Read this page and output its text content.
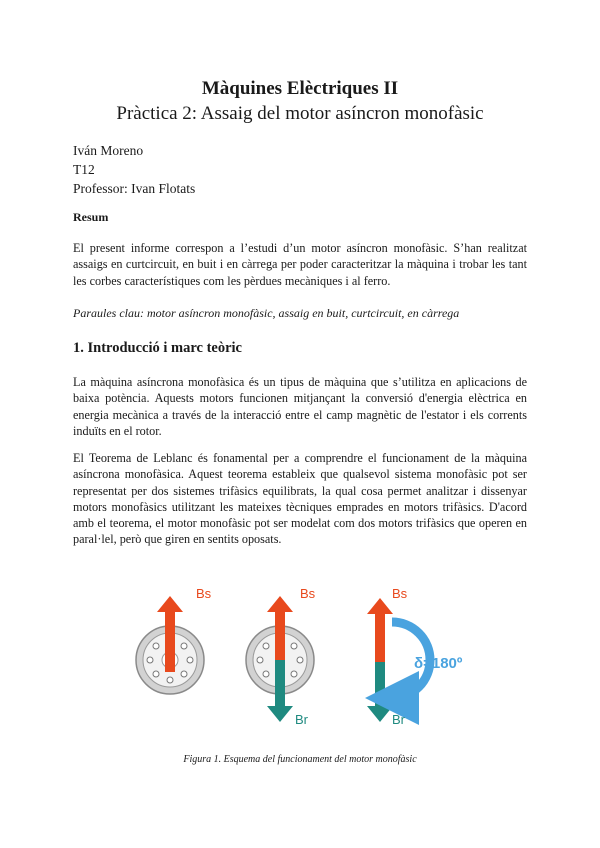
Màquines Elèctriques II
Pràctica 2: Assaig del motor asíncron monofàsic
Iván Moreno
T12
Professor: Ivan Flotats
Resum

El present informe correspon a l’estudi d’un motor asíncron monofàsic. S’han realitzat assaigs en curtcircuit, en buit i en càrrega per poder caracteritzar la màquina i trobar les tant les corbes característiques com les pèrdues mecàniques i al ferro.

Paraules clau: motor asíncron monofàsic, assaig en buit, curtcircuit, en càrrega
1. Introducció i marc teòric

La màquina asíncrona monofàsica és un tipus de màquina que s’utilitza en aplicacions de baixa potència. Aquests motors funcionen mitjançant la conversió d'energia elèctrica en energia mecànica a través de la interacció entre el camp magnètic de l'estator i els corrents induïts en el rotor.

El Teorema de Leblanc és fonamental per a comprendre el funcionament de la màquina asíncrona monofàsica. Aquest teorema estableix que qualsevol sistema monofàsic pot ser representat per dos sistemes trifàsics equilibrats, la qual cosa permet analitzar i dissenyar motors monofàsics utilitzant les mateixes tècniques emprades en motors trifàsics. D'acord amb el teorema, el motor monofàsic pot ser modelat com dos motors trifàsics que operen en paral·lel, però que giren en sentits oposats.

Bs	Bs
Br
Bs
Br
δ=180º
Figura 1. Esquema del funcionament del motor monofàsic
